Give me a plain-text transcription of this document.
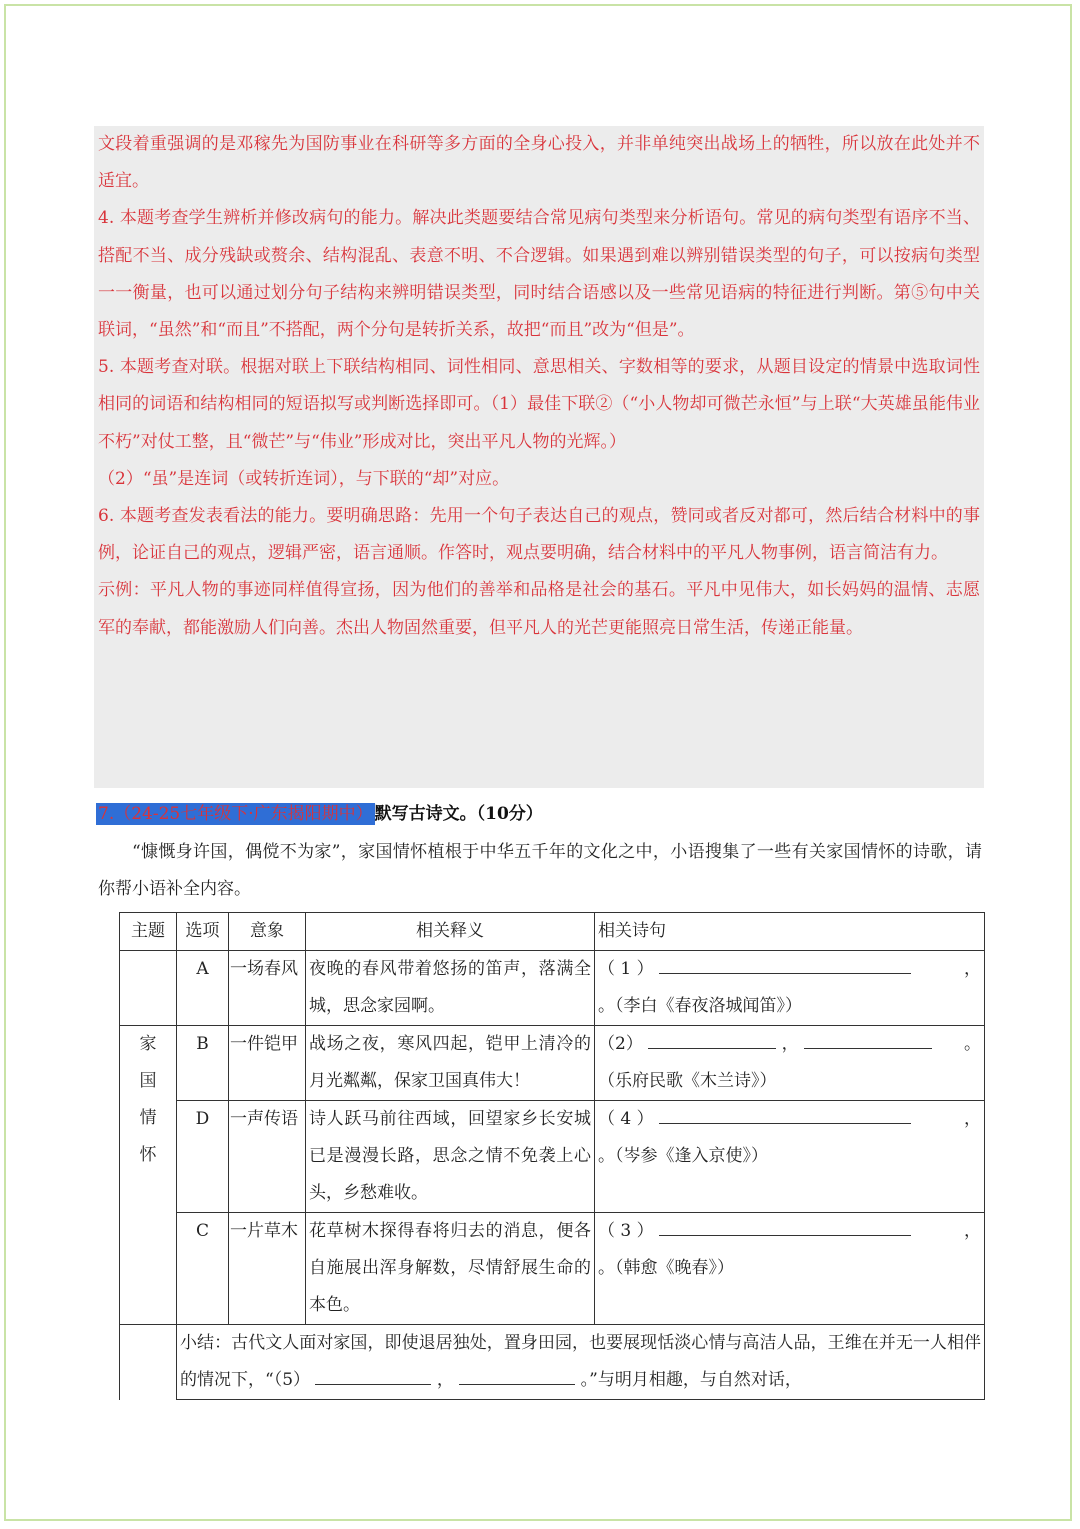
文段着重强调的是邓稼先为国防事业在科研等多方面的全身心投入，并非单纯突出战场上的牺牲，所以放在此处并不适宜。

4. 本题考查学生辨析并修改病句的能力。解决此类题要结合常见病句类型来分析语句。常见的病句类型有语序不当、搭配不当、成分残缺或赘余、结构混乱、表意不明、不合逻辑。如果遇到难以辨别错误类型的句子，可以按病句类型一一衡量，也可以通过划分句子结构来辨明错误类型，同时结合语感以及一些常见语病的特征进行判断。第⑤句中关联词，“虽然”和“而且”不搭配，两个分句是转折关系，故把“而且”改为“但是”。

5. 本题考查对联。根据对联上下联结构相同、词性相同、意思相关、字数相等的要求，从题目设定的情景中选取词性相同的词语和结构相同的短语拟写或判断选择即可。（1）最佳下联②（“小人物却可微芒永恒”与上联“大英雄虽能伟业不朽”对仗工整，且“微芒”与“伟业”形成对比，突出平凡人物的光辉。）

（2）“虽”是连词（或转折连词），与下联的“却”对应。

6. 本题考查发表看法的能力。要明确思路：先用一个句子表达自己的观点，赞同或者反对都可，然后结合材料中的事例，论证自己的观点，逻辑严密，语言通顺。作答时，观点要明确，结合材料中的平凡人物事例，语言简洁有力。

示例：平凡人物的事迹同样值得宣扬，因为他们的善举和品格是社会的基石。平凡中见伟大，如长妈妈的温情、志愿军的奉献，都能激励人们向善。杰出人物固然重要，但平凡人的光芒更能照亮日常生活，传递正能量。

7.（24-25七年级下·广东揭阳期中） 默写古诗文。（10分）
“慷慨身许国，偶傥不为家”，家国情怀植根于中华五千年的文化之中，小语搜集了一些有关家国情怀的诗歌，请你帮小语补全内容。
主题	选项	意象	相关释义	相关诗句
	A	一场春风	夜晚的春风带着悠扬的笛声，落满全城，思念家园啊。	（ 1 ） ，

。（李白《春夜洛城闻笛》）

家
国
情
怀	B	一件铠甲	战场之夜，寒风四起，铠甲上清冷的月光粼粼，保家卫国真伟大！	（2） ， 。

（乐府民歌《木兰诗》）
	D	一声传语	诗人跃马前往西域，回望家乡长安城已是漫漫长路，思念之情不免袭上心头，乡愁难收。	（ 4 ） ，

。（岑参《逢入京使》）
	C	一片草木	花草树木探得春将归去的消息，便各自施展出浑身解数，尽情舒展生命的本色。	（ 3 ） ，

。（韩愈《晚春》）
	小结：古代文人面对家国，即使退居独处，置身田园，也要展现恬淡心情与高洁人品，王维在并无一人相伴的情况下，“（5） ， 。”与明月相趣，与自然对话，			
